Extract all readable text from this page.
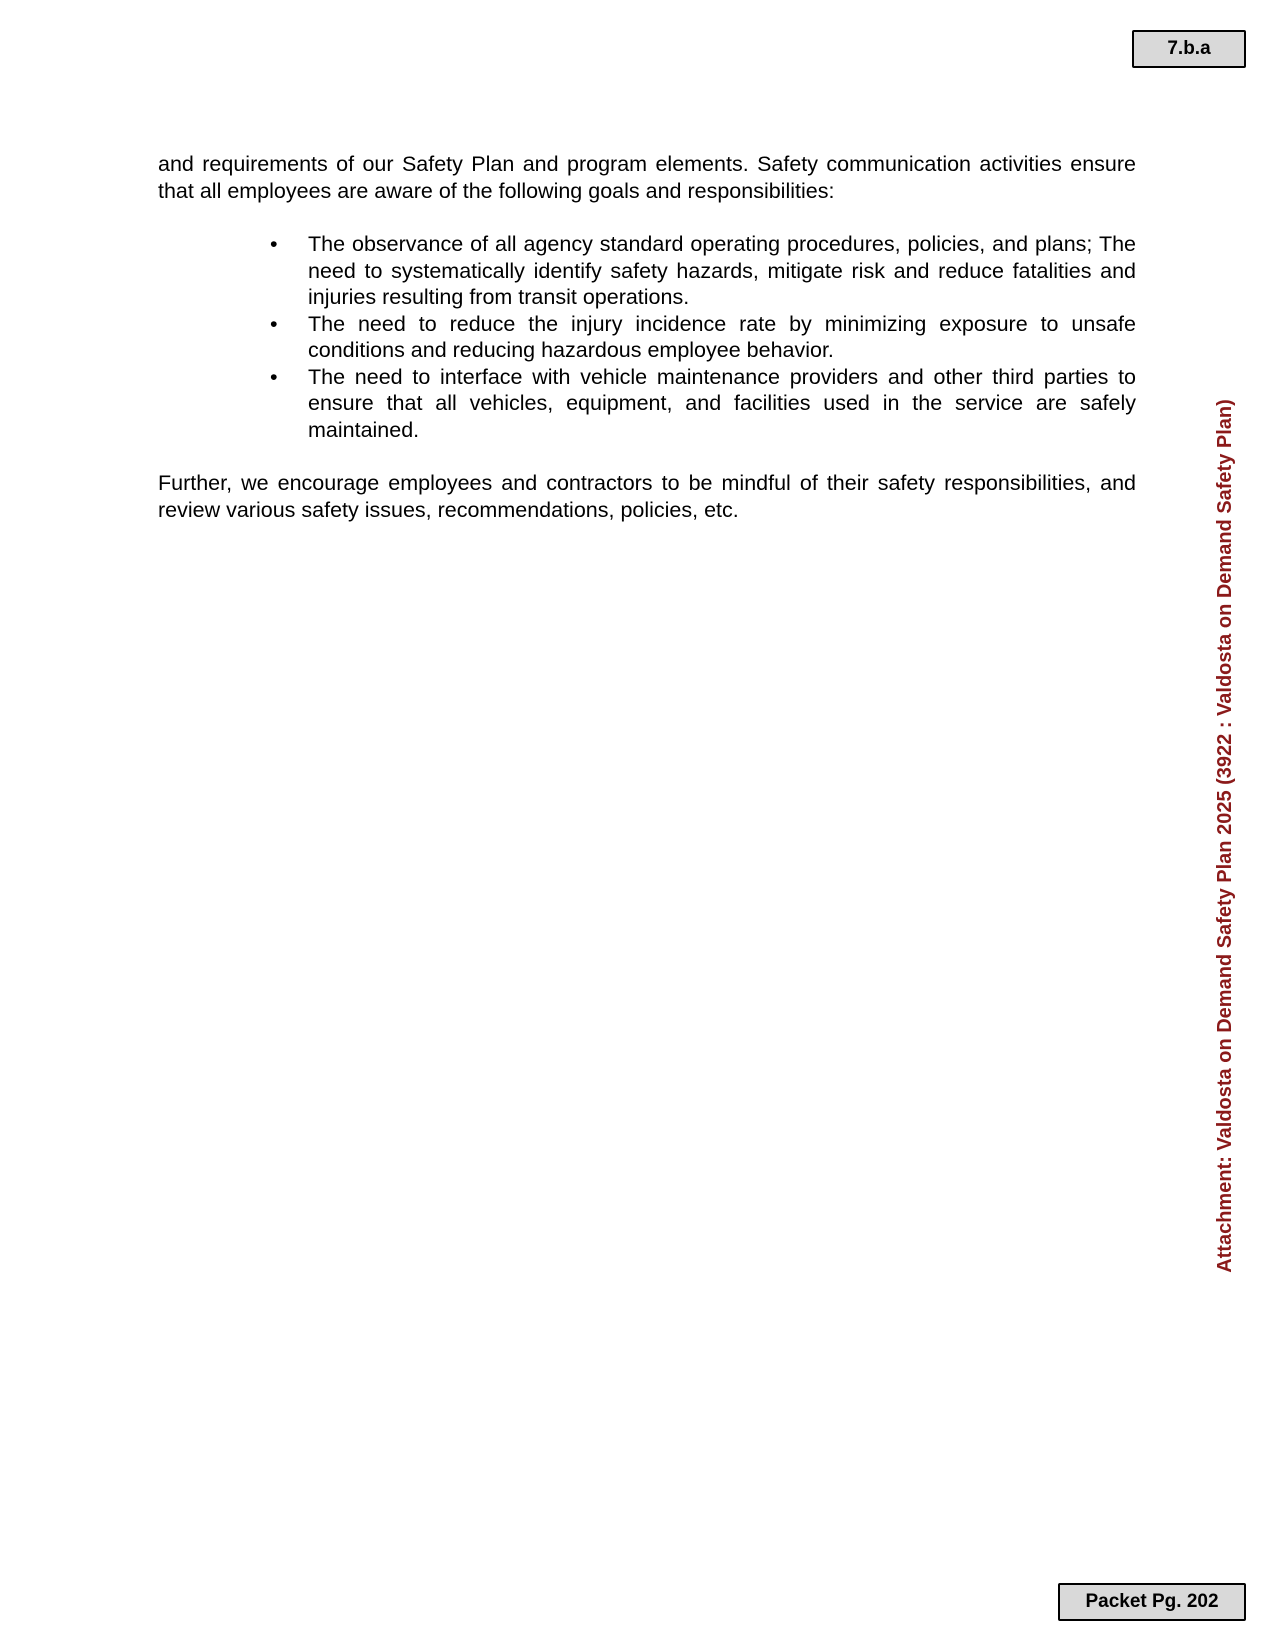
7.b.a

and requirements of our Safety Plan and program elements. Safety communication activities ensure that all employees are aware of the following goals and responsibilities:

• The observance of all agency standard operating procedures, policies, and plans; The need to systematically identify safety hazards, mitigate risk and reduce fatalities and injuries resulting from transit operations.

• The need to reduce the injury incidence rate by minimizing exposure to unsafe conditions and reducing hazardous employee behavior.

• The need to interface with vehicle maintenance providers and other third parties to ensure that all vehicles, equipment, and facilities used in the service are safely maintained.

Further, we encourage employees and contractors to be mindful of their safety responsibilities, and review various safety issues, recommendations, policies, etc.	Attachment: Valdosta on Demand Safety Plan 2025 (3922 : Valdosta on Demand Safety Plan)
Packet Pg. 202
